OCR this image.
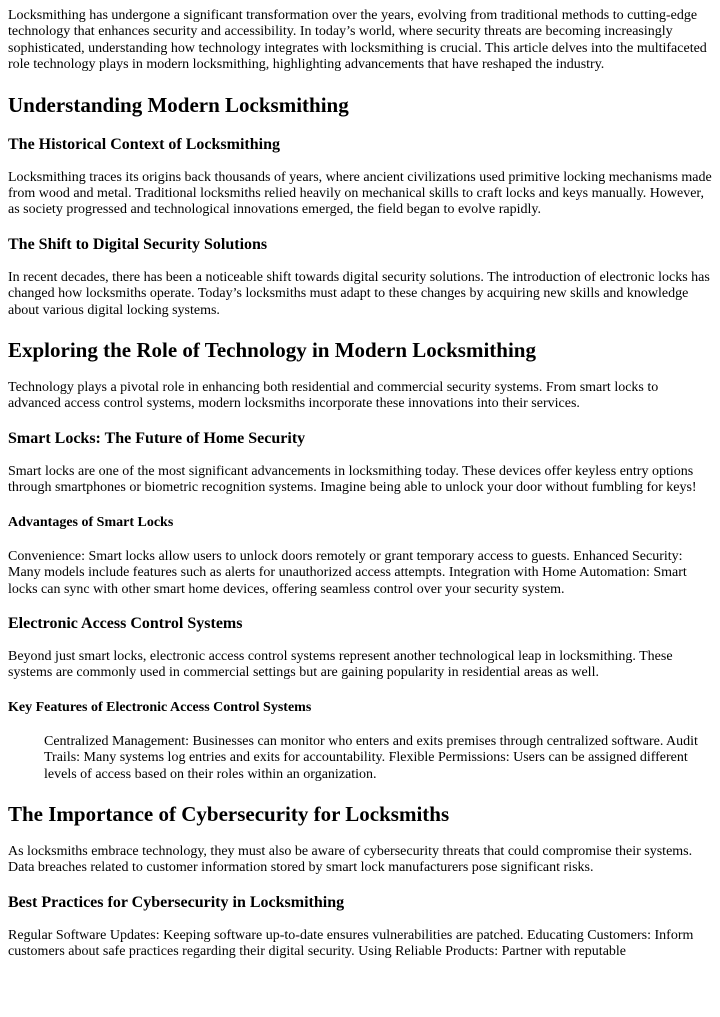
Locksmithing has undergone a significant transformation over the years, evolving from traditional methods to cutting-edge technology that enhances security and accessibility. In today’s world, where security threats are becoming increasingly sophisticated, understanding how technology integrates with locksmithing is crucial. This article delves into the multifaceted role technology plays in modern locksmithing, highlighting advancements that have reshaped the industry.

Understanding Modern Locksmithing
The Historical Context of Locksmithing

Locksmithing traces its origins back thousands of years, where ancient civilizations used primitive locking mechanisms made from wood and metal. Traditional locksmiths relied heavily on mechanical skills to craft locks and keys manually. However, as society progressed and technological innovations emerged, the field began to evolve rapidly.

The Shift to Digital Security Solutions

In recent decades, there has been a noticeable shift towards digital security solutions. The introduction of electronic locks has changed how locksmiths operate. Today’s locksmiths must adapt to these changes by acquiring new skills and knowledge about various digital locking systems.

Exploring the Role of Technology in Modern Locksmithing

Technology plays a pivotal role in enhancing both residential and commercial security systems. From smart locks to advanced access control systems, modern locksmiths incorporate these innovations into their services.

Smart Locks: The Future of Home Security

Smart locks are one of the most significant advancements in locksmithing today. These devices offer keyless entry options through smartphones or biometric recognition systems. Imagine being able to unlock your door without fumbling for keys!

Advantages of Smart Locks

Convenience: Smart locks allow users to unlock doors remotely or grant temporary access to guests. Enhanced Security: Many models include features such as alerts for unauthorized access attempts. Integration with Home Automation: Smart locks can sync with other smart home devices, offering seamless control over your security system.

Electronic Access Control Systems

Beyond just smart locks, electronic access control systems represent another technological leap in locksmithing. These systems are commonly used in commercial settings but are gaining popularity in residential areas as well.

Key Features of Electronic Access Control Systems
Centralized Management: Businesses can monitor who enters and exits premises through centralized software. Audit Trails: Many systems log entries and exits for accountability. Flexible Permissions: Users can be assigned different levels of access based on their roles within an organization.
The Importance of Cybersecurity for Locksmiths

As locksmiths embrace technology, they must also be aware of cybersecurity threats that could compromise their systems. Data breaches related to customer information stored by smart lock manufacturers pose significant risks.

Best Practices for Cybersecurity in Locksmithing

Regular Software Updates: Keeping software up-to-date ensures vulnerabilities are patched. Educating Customers: Inform customers about safe practices regarding their digital security. Using Reliable Products: Partner with reputable
